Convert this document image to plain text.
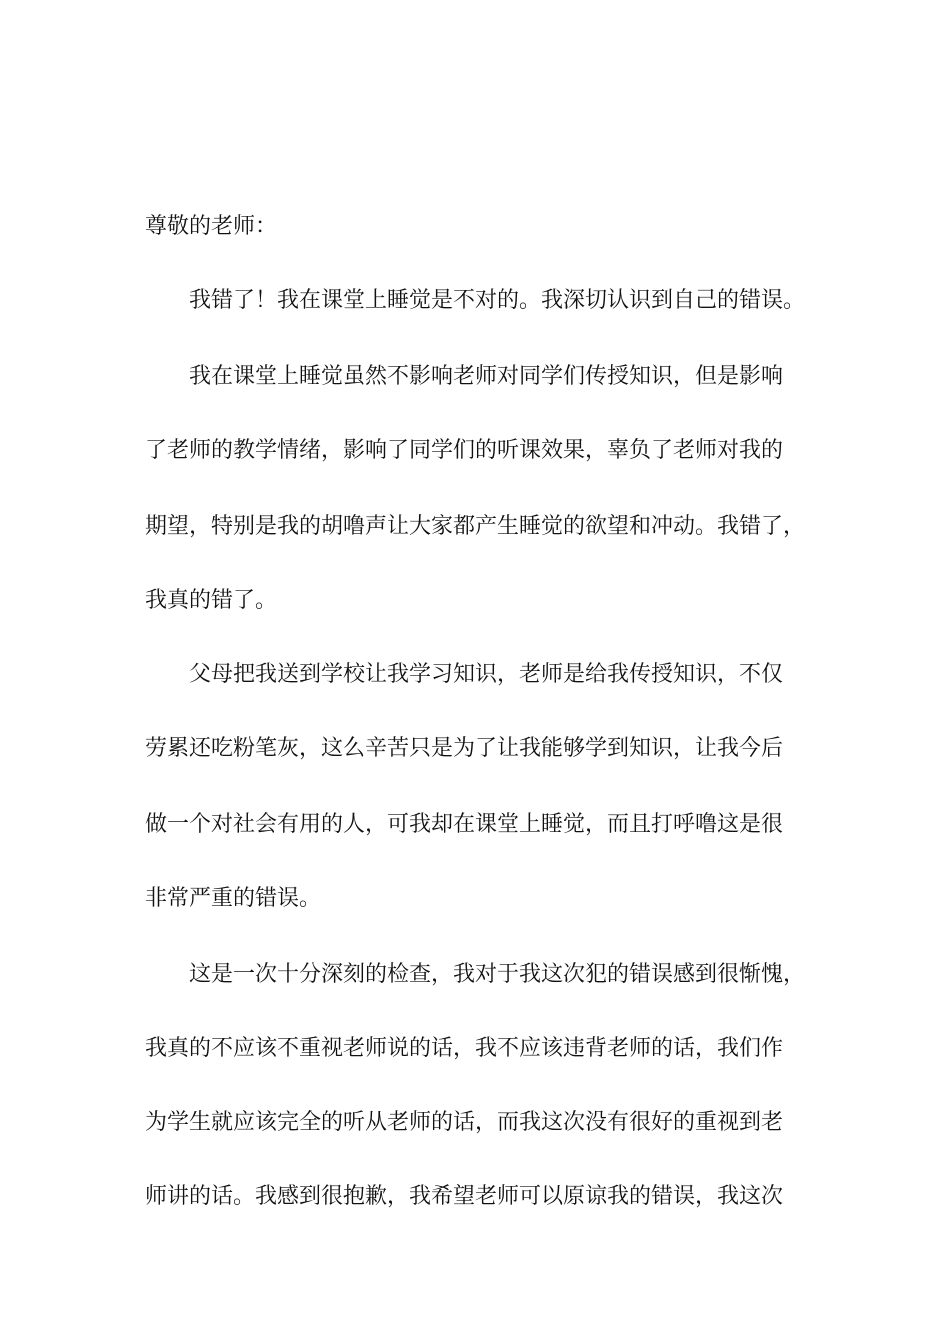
尊敬的老师：

我错了！我在课堂上睡觉是不对的。我深切认识到自己的错误。

我在课堂上睡觉虽然不影响老师对同学们传授知识，但是影响

了老师的教学情绪，影响了同学们的听课效果，辜负了老师对我的

期望，特别是我的胡噜声让大家都产生睡觉的欲望和冲动。我错了，

我真的错了。

父母把我送到学校让我学习知识，老师是给我传授知识，不仅

劳累还吃粉笔灰，这么辛苦只是为了让我能够学到知识，让我今后

做一个对社会有用的人，可我却在课堂上睡觉，而且打呼噜这是很

非常严重的错误。

这是一次十分深刻的检查，我对于我这次犯的错误感到很惭愧，

我真的不应该不重视老师说的话，我不应该违背老师的话，我们作

为学生就应该完全的听从老师的话，而我这次没有很好的重视到老

师讲的话。我感到很抱歉，我希望老师可以原谅我的错误，我这次
